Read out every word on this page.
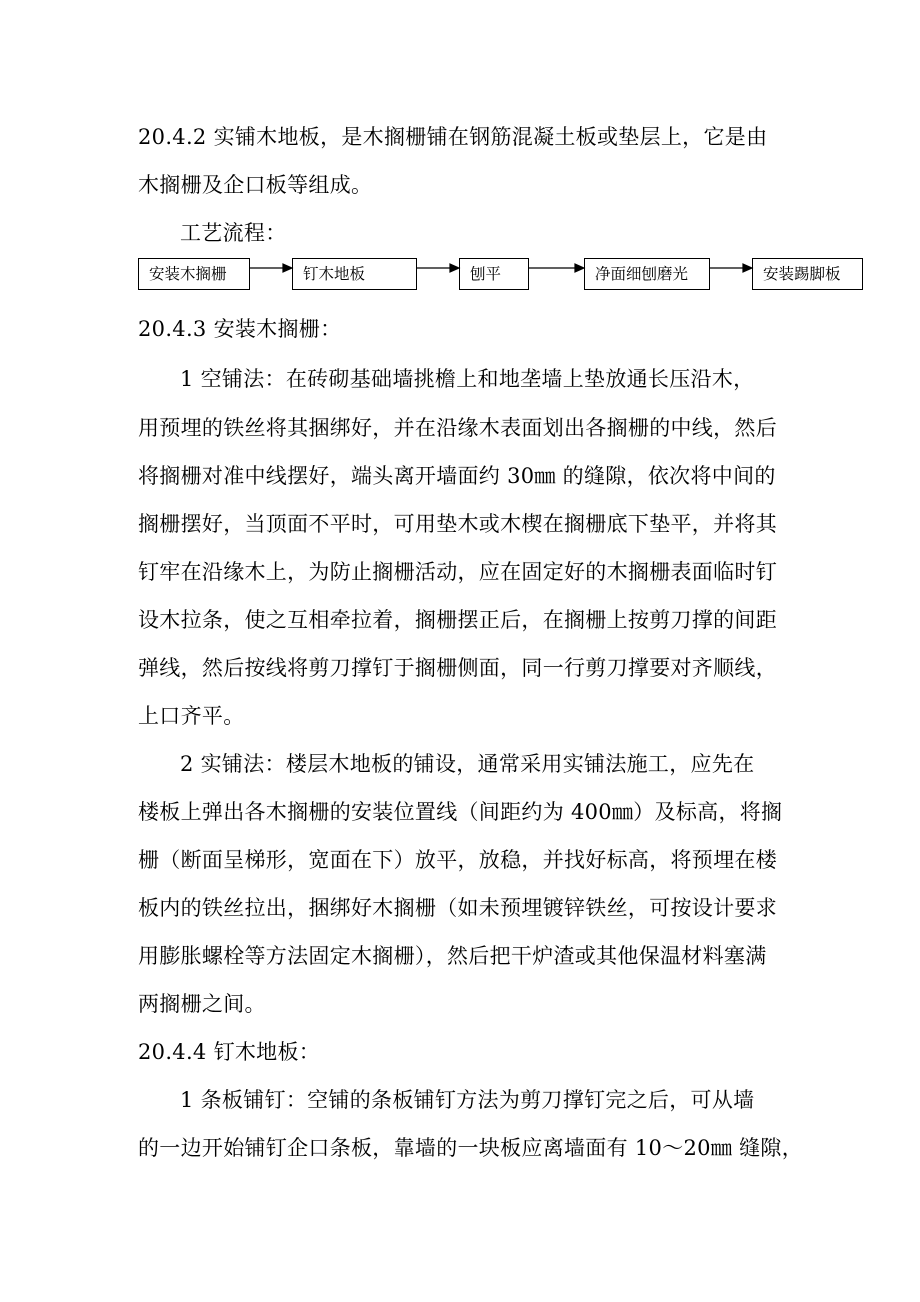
20.4.2 实铺木地板，是木搁栅铺在钢筋混凝土板或垫层上，它是由
木搁栅及企口板等组成。
工艺流程：
安装木搁栅	钉木地板	刨平	净面细刨磨光	安装踢脚板
20.4.3 安装木搁栅：
1 空铺法：在砖砌基础墙挑檐上和地垄墙上垫放通长压沿木，
用预埋的铁丝将其捆绑好，并在沿缘木表面划出各搁栅的中线，然后
将搁栅对准中线摆好，端头离开墙面约 30㎜ 的缝隙，依次将中间的
搁栅摆好，当顶面不平时，可用垫木或木楔在搁栅底下垫平，并将其
钉牢在沿缘木上，为防止搁栅活动，应在固定好的木搁栅表面临时钉
设木拉条，使之互相牵拉着，搁栅摆正后，在搁栅上按剪刀撑的间距
弹线，然后按线将剪刀撑钉于搁栅侧面，同一行剪刀撑要对齐顺线，
上口齐平。
2 实铺法：楼层木地板的铺设，通常采用实铺法施工，应先在
楼板上弹出各木搁栅的安装位置线（间距约为 400㎜）及标高，将搁
栅（断面呈梯形，宽面在下）放平，放稳，并找好标高，将预埋在楼
板内的铁丝拉出，捆绑好木搁栅（如未预埋镀锌铁丝，可按设计要求
用膨胀螺栓等方法固定木搁栅），然后把干炉渣或其他保温材料塞满
两搁栅之间。
20.4.4 钉木地板：
1 条板铺钉：空铺的条板铺钉方法为剪刀撑钉完之后，可从墙
的一边开始铺钉企口条板，靠墙的一块板应离墙面有 10～20㎜ 缝隙，
